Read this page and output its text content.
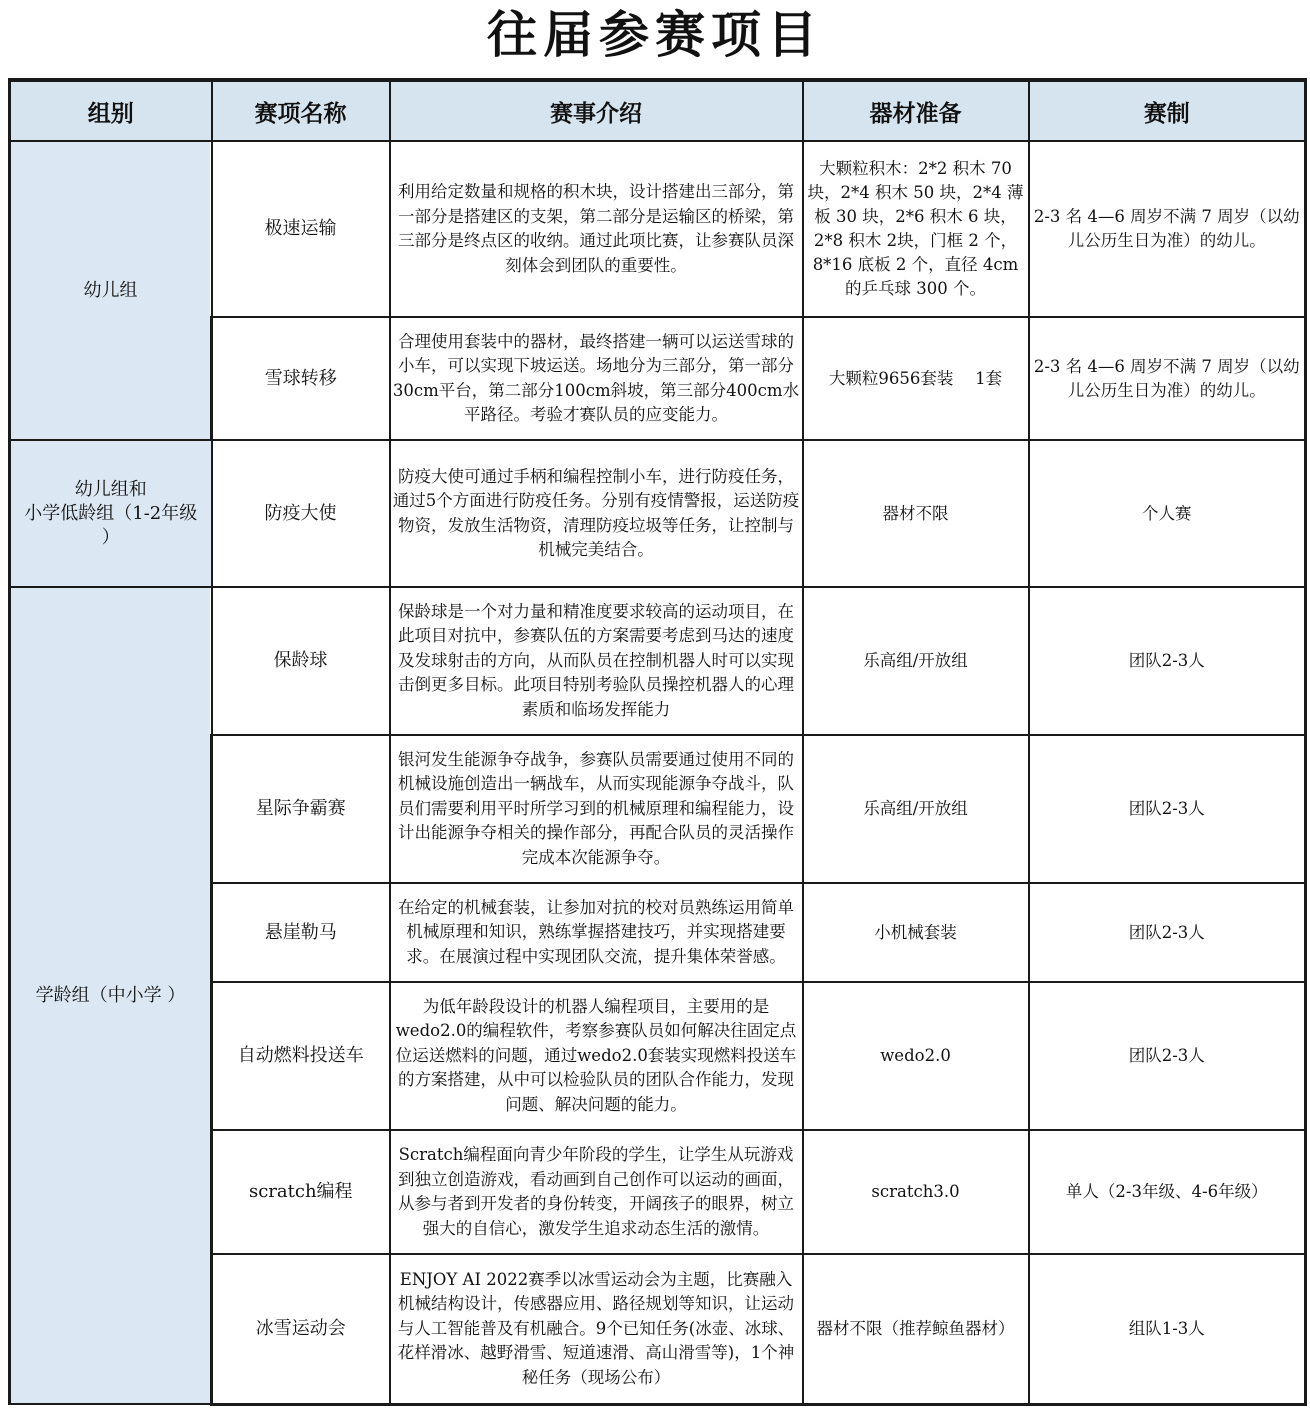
往届参赛项目
组别	赛项名称	赛事介绍	器材准备	赛制
幼儿组	极速运输	利用给定数量和规格的积木块，设计搭建出三部分，第一部分是搭建区的支架，第二部分是运输区的桥梁，第三部分是终点区的收纳。通过此项比赛，让参赛队员深刻体会到团队的重要性。	大颗粒积木：2*2 积木 70 块，2*4 积木 50 块，2*4 薄板 30 块，2*6 积木 6 块，2*8 积木 2块，门框 2 个，8*16 底板 2 个，直径 4cm 的乒乓球 300 个。	2-3 名 4—6 周岁不满 7 周岁（以幼儿公历生日为准）的幼儿。
	雪球转移	合理使用套装中的器材，最终搭建一辆可以运送雪球的小车，可以实现下坡运送。场地分为三部分，第一部分30cm平台，第二部分100cm斜坡，第三部分400cm水平路径。考验才赛队员的应变能力。	大颗粒9656套装　 1套	2-3 名 4—6 周岁不满 7 周岁（以幼儿公历生日为准）的幼儿。
幼儿组和
小学低龄组（1-2年级
）	防疫大使	防疫大使可通过手柄和编程控制小车，进行防疫任务，通过5个方面进行防疫任务。分别有疫情警报，运送防疫物资，发放生活物资，清理防疫垃圾等任务，让控制与机械完美结合。	器材不限	个人赛
学龄组（中小学 ）	保龄球	保龄球是一个对力量和精准度要求较高的运动项目，在此项目对抗中，参赛队伍的方案需要考虑到马达的速度及发球射击的方向，从而队员在控制机器人时可以实现击倒更多目标。此项目特别考验队员操控机器人的心理素质和临场发挥能力	乐高组/开放组	团队2-3人
	星际争霸赛	银河发生能源争夺战争，参赛队员需要通过使用不同的机械设施创造出一辆战车，从而实现能源争夺战斗，队员们需要利用平时所学习到的机械原理和编程能力，设计出能源争夺相关的操作部分，再配合队员的灵活操作完成本次能源争夺。	乐高组/开放组	团队2-3人
	悬崖勒马	在给定的机械套装，让参加对抗的校对员熟练运用简单机械原理和知识，熟练掌握搭建技巧，并实现搭建要求。在展演过程中实现团队交流，提升集体荣誉感。	小机械套装	团队2-3人
	自动燃料投送车	为低年龄段设计的机器人编程项目，主要用的是wedo2.0的编程软件，考察参赛队员如何解决往固定点位运送燃料的问题，通过wedo2.0套装实现燃料投送车的方案搭建，从中可以检验队员的团队合作能力，发现问题、解决问题的能力。	wedo2.0	团队2-3人
	scratch编程	Scratch编程面向青少年阶段的学生，让学生从玩游戏到独立创造游戏，看动画到自己创作可以运动的画面，从参与者到开发者的身份转变，开阔孩子的眼界，树立强大的自信心，激发学生追求动态生活的激情。	scratch3.0	单人（2-3年级、4-6年级）
	冰雪运动会	ENJOY AI 2022赛季以冰雪运动会为主题，比赛融入机械结构设计，传感器应用、路径规划等知识，让运动与人工智能普及有机融合。9个已知任务(冰壶、冰球、花样滑冰、越野滑雪、短道速滑、高山滑雪等)，1个神秘任务（现场公布）	器材不限（推荐鲸鱼器材）	组队1-3人
